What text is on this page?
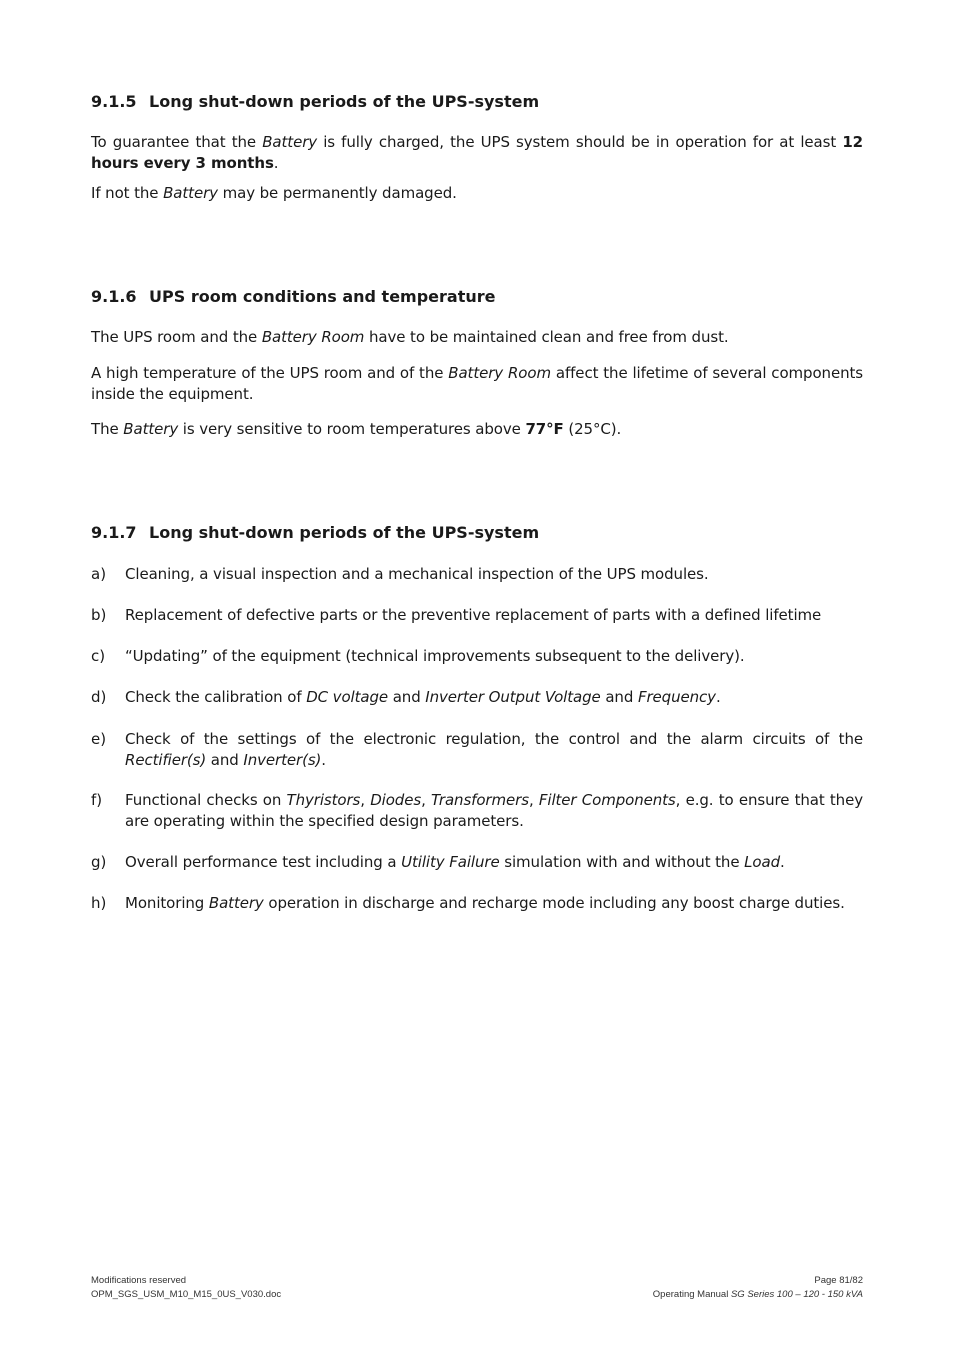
9.1.5 Long shut-down periods of the UPS-system

To guarantee that the Battery is fully charged, the UPS system should be in operation for at least 12 hours every 3 months.

If not the Battery may be permanently damaged.

9.1.6 UPS room conditions and temperature

The UPS room and the Battery Room have to be maintained clean and free from dust.

A high temperature of the UPS room and of the Battery Room affect the lifetime of several components inside the equipment.

The Battery is very sensitive to room temperatures above 77°F (25°C).

9.1.7 Long shut-down periods of the UPS-system
a)	Cleaning, a visual inspection and a mechanical inspection of the UPS modules.
b)	Replacement of defective parts or the preventive replacement of parts with a defined lifetime
c)	“Updating” of the equipment (technical improvements subsequent to the delivery).
d)	Check the calibration of DC voltage and Inverter Output Voltage and Frequency.
e)	Check of the settings of the electronic regulation, the control and the alarm circuits of the Rectifier(s) and Inverter(s).
f)	Functional checks on Thyristors, Diodes, Transformers, Filter Components, e.g. to ensure that they are operating within the specified design parameters.
g)	Overall performance test including a Utility Failure simulation with and without the Load.
h)	Monitoring Battery operation in discharge and recharge mode including any boost charge duties.
Modifications reserved
OPM_SGS_USM_M10_M15_0US_V030.doc
Page 81/82
Operating Manual SG Series 100 – 120 - 150 kVA
